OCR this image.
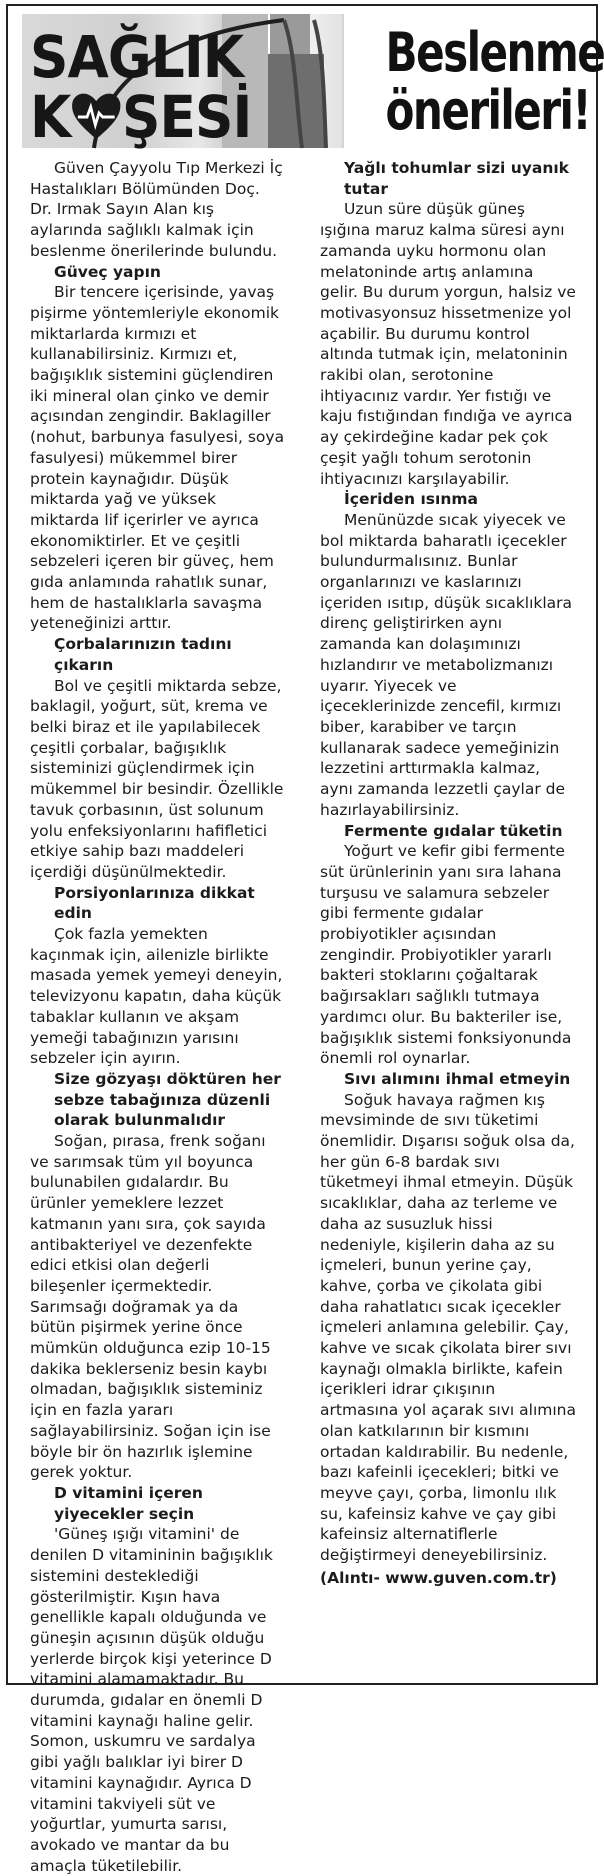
SAĞLIK
K ŞESİ
Beslenme
önerileri!

Güven Çayyolu Tıp Merkezi İç Hastalıkları Bölümünden Doç. Dr. Irmak Sayın Alan kış aylarında sağlıklı kalmak için beslenme önerilerinde bulundu.

Güveç yapın

Bir tencere içerisinde, yavaş pişirme yöntemleriyle ekonomik miktarlarda kırmızı et kullanabilirsiniz. Kırmızı et, bağışıklık sistemini güçlendiren iki mineral olan çinko ve demir açısından zengindir. Baklagiller (nohut, barbunya fasulyesi, soya fasulyesi) mükemmel birer protein kaynağıdır. Düşük miktarda yağ ve yüksek miktarda lif içerirler ve ayrıca ekonomiktirler. Et ve çeşitli sebzeleri içeren bir güveç, hem gıda anlamında rahatlık sunar, hem de hastalıklarla savaşma yeteneğinizi arttır.

Çorbalarınızın tadını çıkarın

Bol ve çeşitli miktarda sebze, baklagil, yoğurt, süt, krema ve belki biraz et ile yapılabilecek çeşitli çorbalar, bağışıklık sisteminizi güçlendirmek için mükemmel bir besindir. Özellikle tavuk çorbasının, üst solunum yolu enfeksiyonlarını hafifletici etkiye sahip bazı maddeleri içerdiği düşünülmektedir.

Porsiyonlarınıza dikkat edin

Çok fazla yemekten kaçınmak için, ailenizle birlikte masada yemek yemeyi deneyin, televizyonu kapatın, daha küçük tabaklar kullanın ve akşam yemeği tabağınızın yarısını sebzeler için ayırın.

Size gözyaşı döktüren her sebze tabağınıza düzenli olarak bulunmalıdır

Soğan, pırasa, frenk soğanı ve sarımsak tüm yıl boyunca bulunabilen gıdalardır. Bu ürünler yemeklere lezzet katmanın yanı sıra, çok sayıda antibakteriyel ve dezenfekte edici etkisi olan değerli bileşenler içermektedir. Sarımsağı doğramak ya da bütün pişirmek yerine önce mümkün olduğunca ezip 10-15 dakika beklerseniz besin kaybı olmadan, bağışıklık sisteminiz için en fazla yararı sağlayabilirsiniz. Soğan için ise böyle bir ön hazırlık işlemine gerek yoktur.

D vitamini içeren yiyecekler seçin

'Güneş ışığı vitamini' de denilen D vitamininin bağışıklık sistemini desteklediği gösterilmiştir. Kışın hava genellikle kapalı olduğunda ve güneşin açısının düşük olduğu yerlerde birçok kişi yeterince D vitamini alamamaktadır. Bu durumda, gıdalar en önemli D vitamini kaynağı haline gelir. Somon, uskumru ve sardalya gibi yağlı balıklar iyi birer D vitamini kaynağıdır. Ayrıca D vitamini takviyeli süt ve yoğurtlar, yumurta sarısı, avokado ve mantar da bu amaçla tüketilebilir.

Yağlı tohumlar sizi uyanık tutar

Uzun süre düşük güneş ışığına maruz kalma süresi aynı zamanda uyku hormonu olan melatoninde artış anlamına gelir. Bu durum yorgun, halsiz ve motivasyonsuz hissetmenize yol açabilir. Bu durumu kontrol altında tutmak için, melatoninin rakibi olan, serotonine ihtiyacınız vardır. Yer fıstığı ve kaju fıstığından fındığa ve ayrıca ay çekirdeğine kadar pek çok çeşit yağlı tohum serotonin ihtiyacınızı karşılayabilir.

İçeriden ısınma

Menünüzde sıcak yiyecek ve bol miktarda baharatlı içecekler bulundurmalısınız. Bunlar organlarınızı ve kaslarınızı içeriden ısıtıp, düşük sıcaklıklara direnç geliştirirken aynı zamanda kan dolaşımınızı hızlandırır ve metabolizmanızı uyarır. Yiyecek ve içeceklerinizde zencefil, kırmızı biber, karabiber ve tarçın kullanarak sadece yemeğinizin lezzetini arttırmakla kalmaz, aynı zamanda lezzetli çaylar de hazırlayabilirsiniz.

Fermente gıdalar tüketin

Yoğurt ve kefir gibi fermente süt ürünlerinin yanı sıra lahana turşusu ve salamura sebzeler gibi fermente gıdalar probiyotikler açısından zengindir. Probiyotikler yararlı bakteri stoklarını çoğaltarak bağırsakları sağlıklı tutmaya yardımcı olur. Bu bakteriler ise, bağışıklık sistemi fonksiyonunda önemli rol oynarlar.

Sıvı alımını ihmal etmeyin

Soğuk havaya rağmen kış mevsiminde de sıvı tüketimi önemlidir. Dışarısı soğuk olsa da, her gün 6-8 bardak sıvı tüketmeyi ihmal etmeyin. Düşük sıcaklıklar, daha az terleme ve daha az susuzluk hissi nedeniyle, kişilerin daha az su içmeleri, bunun yerine çay, kahve, çorba ve çikolata gibi daha rahatlatıcı sıcak içecekler içmeleri anlamına gelebilir. Çay, kahve ve sıcak çikolata birer sıvı kaynağı olmakla birlikte, kafein içerikleri idrar çıkışının artmasına yol açarak sıvı alımına olan katkılarının bir kısmını ortadan kaldırabilir. Bu nedenle, bazı kafeinli içecekleri; bitki ve meyve çayı, çorba, limonlu ılık su, kafeinsiz kahve ve çay gibi kafeinsiz alternatiflerle değiştirmeyi deneyebilirsiniz.

(Alıntı- www.guven.com.tr)
